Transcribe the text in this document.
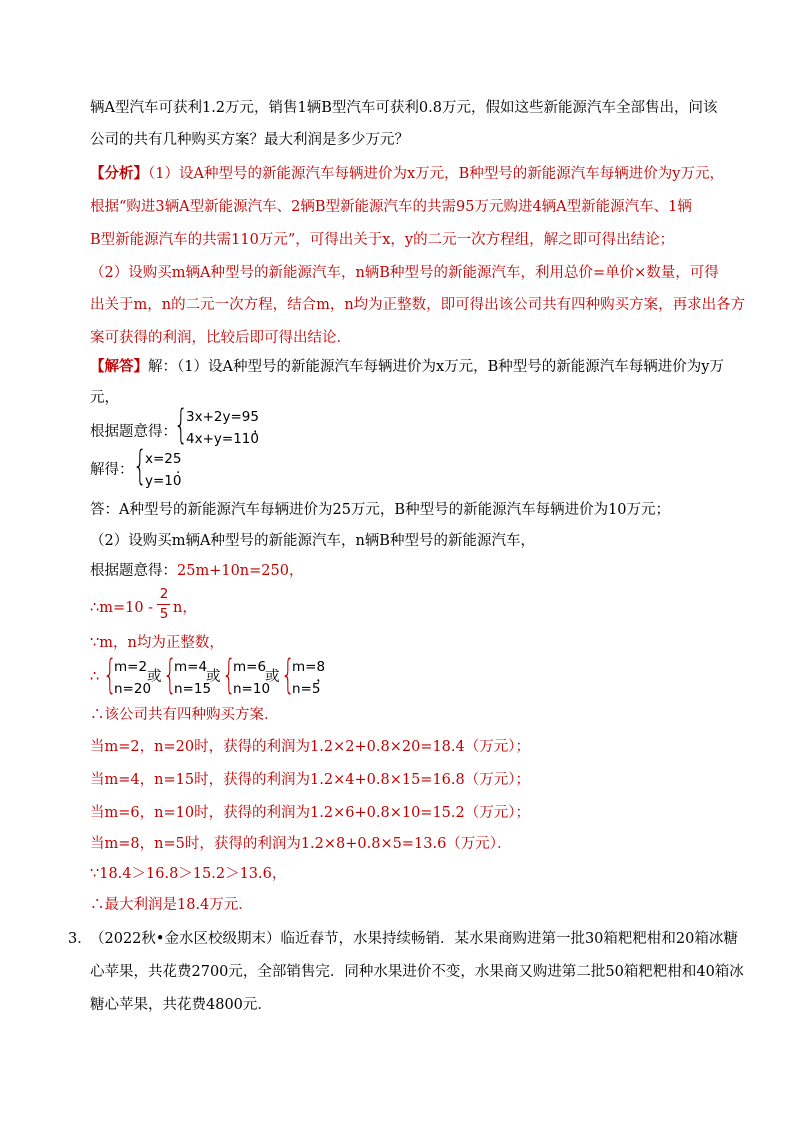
辆A型汽车可获利1.2万元，销售1辆B型汽车可获利0.8万元，假如这些新能源汽车全部售出，问该
公司的共有几种购买方案？最大利润是多少万元？
【分析】（1）设A种型号的新能源汽车每辆进价为x万元，B种型号的新能源汽车每辆进价为y万元，
根据“购进3辆A型新能源汽车、2辆B型新能源汽车的共需95万元购进4辆A型新能源汽车、1辆
B型新能源汽车的共需110万元”，可得出关于x，y的二元一次方程组，解之即可得出结论；
（2）设购买m辆A种型号的新能源汽车，n辆B种型号的新能源汽车，利用总价=单价×数量，可得
出关于m，n的二元一次方程，结合m，n均为正整数，即可得出该公司共有四种购买方案，再求出各方
案可获得的利润，比较后即可得出结论．
【解答】解：（1）设A种型号的新能源汽车每辆进价为x万元，B种型号的新能源汽车每辆进价为y万
元，
根据题意得：
{
3x+2y=95
4x+y=110
，
解得： {
x=25
y=10
．
答：A种型号的新能源汽车每辆进价为25万元，B种型号的新能源汽车每辆进价为10万元；
（2）设购买m辆A种型号的新能源汽车，n辆B种型号的新能源汽车，
根据题意得：25m+10n=250，
∴m=10 -
2
5 n，
∵m，n均为正整数，
∴ {
m=2
n=20
或 {
m=4
n=15
或 {
m=6
n=10
或 {
m=8
n=5
，
∴该公司共有四种购买方案．
当m=2，n=20时，获得的利润为1.2×2+0.8×20=18.4（万元）；
当m=4，n=15时，获得的利润为1.2×4+0.8×15=16.8（万元）；
当m=6，n=10时，获得的利润为1.2×6+0.8×10=15.2（万元）；
当m=8，n=5时，获得的利润为1.2×8+0.8×5=13.6（万元）．
∵18.4＞16.8＞15.2＞13.6，
∴最大利润是18.4万元．
3．
（2022秋•金水区校级期末）临近春节，水果持续畅销．某水果商购进第一批30箱粑粑柑和20箱冰糖
心苹果，共花费2700元，全部销售完．同种水果进价不变，水果商又购进第二批50箱粑粑柑和40箱冰
糖心苹果，共花费4800元．
